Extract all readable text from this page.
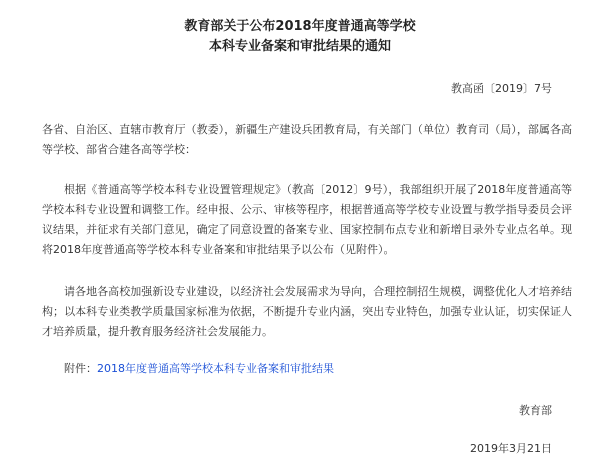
教育部关于公布2018年度普通高等学校
本科专业备案和审批结果的通知
教高函〔2019〕7号

各省、自治区、直辖市教育厅（教委），新疆生产建设兵团教育局，有关部门（单位）教育司（局），部属各高等学校、部省合建各高等学校：

根据《普通高等学校本科专业设置管理规定》（教高〔2012〕9号），我部组织开展了2018年度普通高等学校本科专业设置和调整工作。经申报、公示、审核等程序，根据普通高等学校专业设置与教学指导委员会评议结果，并征求有关部门意见，确定了同意设置的备案专业、国家控制布点专业和新增目录外专业点名单。现将2018年度普通高等学校本科专业备案和审批结果予以公布（见附件）。

请各地各高校加强新设专业建设，以经济社会发展需求为导向，合理控制招生规模，调整优化人才培养结构；以本科专业类教学质量国家标准为依据，不断提升专业内涵，突出专业特色，加强专业认证，切实保证人才培养质量，提升教育服务经济社会发展能力。

附件：2018年度普通高等学校本科专业备案和审批结果
教育部
2019年3月21日
